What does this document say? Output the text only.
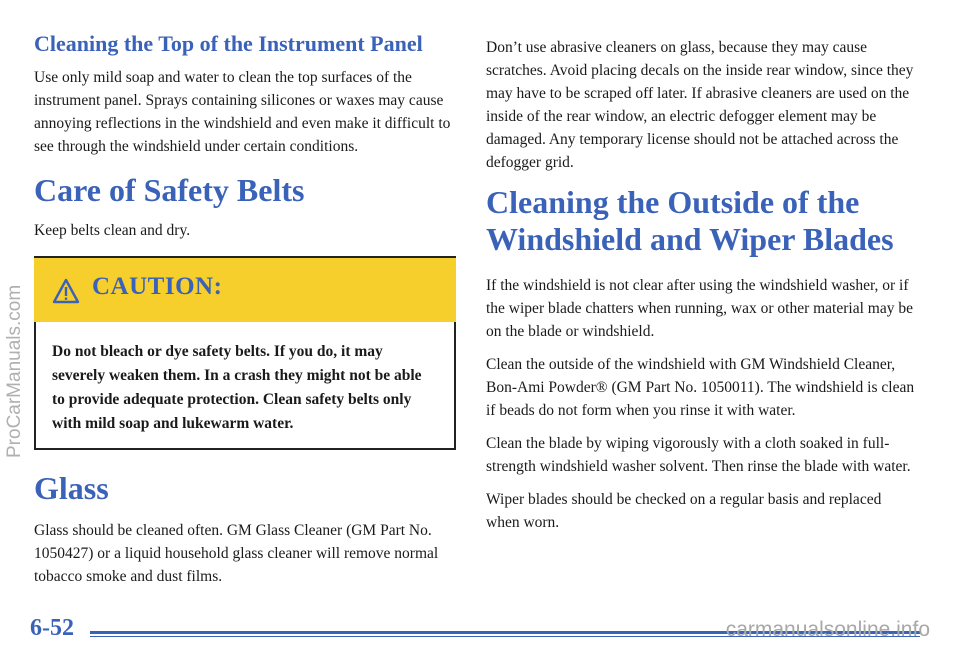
Cleaning the Top of the Instrument Panel

Use only mild soap and water to clean the top surfaces of the instrument panel. Sprays containing silicones or waxes may cause annoying reflections in the windshield and even make it difficult to see through the windshield under certain conditions.

Care of Safety Belts

Keep belts clean and dry.

CAUTION:

Do not bleach or dye safety belts. If you do, it may severely weaken them. In a crash they might not be able to provide adequate protection. Clean safety belts only with mild soap and lukewarm water.

Glass

Glass should be cleaned often. GM Glass Cleaner (GM Part No. 1050427) or a liquid household glass cleaner will remove normal tobacco smoke and dust films.

Don’t use abrasive cleaners on glass, because they may cause scratches. Avoid placing decals on the inside rear window, since they may have to be scraped off later. If abrasive cleaners are used on the inside of the rear window, an electric defogger element may be damaged. Any temporary license should not be attached across the defogger grid.

Cleaning the Outside of the Windshield and Wiper Blades

If the windshield is not clear after using the windshield washer, or if the wiper blade chatters when running, wax or other material may be on the blade or windshield.

Clean the outside of the windshield with GM Windshield Cleaner, Bon-Ami Powder® (GM Part No. 1050011). The windshield is clean if beads do not form when you rinse it with water.

Clean the blade by wiping vigorously with a cloth soaked in full-strength windshield washer solvent. Then rinse the blade with water.

Wiper blades should be checked on a regular basis and replaced when worn.

6-52
ProCarManuals.com
carmanualsonline.info
